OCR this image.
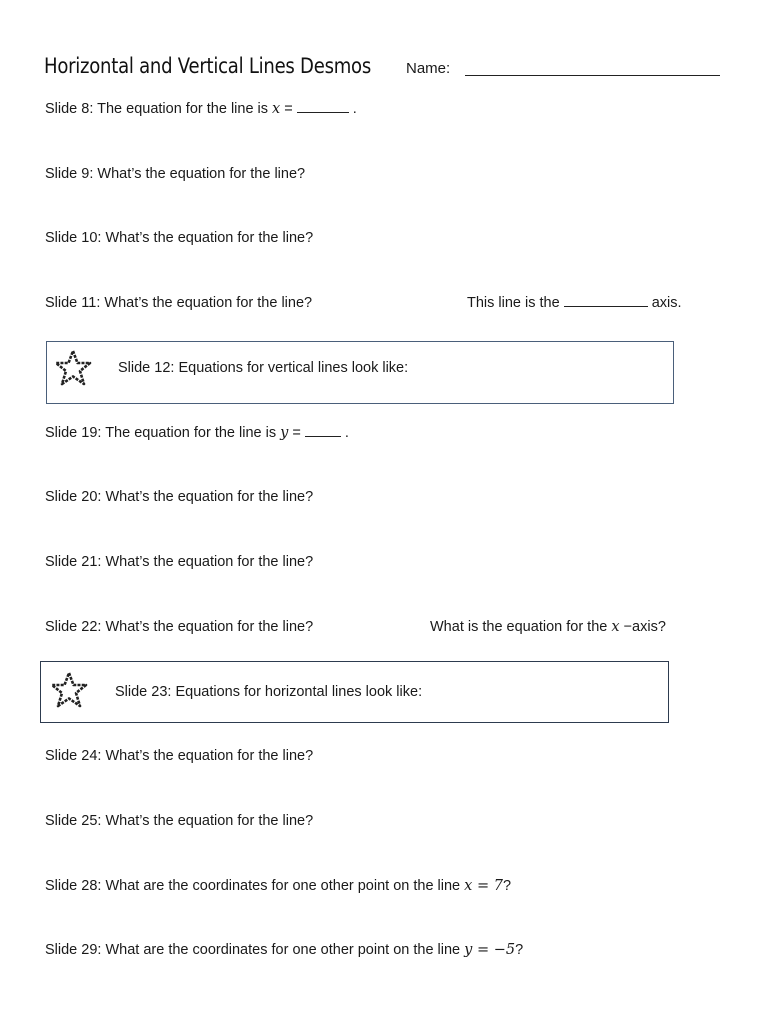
Horizontal and Vertical Lines Desmos Name:
Slide 8: The equation for the line is x =	.
Slide 9: What’s the equation for the line?
Slide 10: What’s the equation for the line?
Slide 11: What’s the equation for the line?	This line is the	axis.
Slide 12: Equations for vertical lines look like:
Slide 19: The equation for the line is y =  .
Slide 20: What’s the equation for the line?
Slide 21: What’s the equation for the line?
Slide 22: What’s the equation for the line?	What is the equation for the x −axis?
Slide 23: Equations for horizontal lines look like:
Slide 24: What’s the equation for the line?
Slide 25: What’s the equation for the line?
Slide 28: What are the coordinates for one other point on the line x = 7?
Slide 29: What are the coordinates for one other point on the line y = −5?
